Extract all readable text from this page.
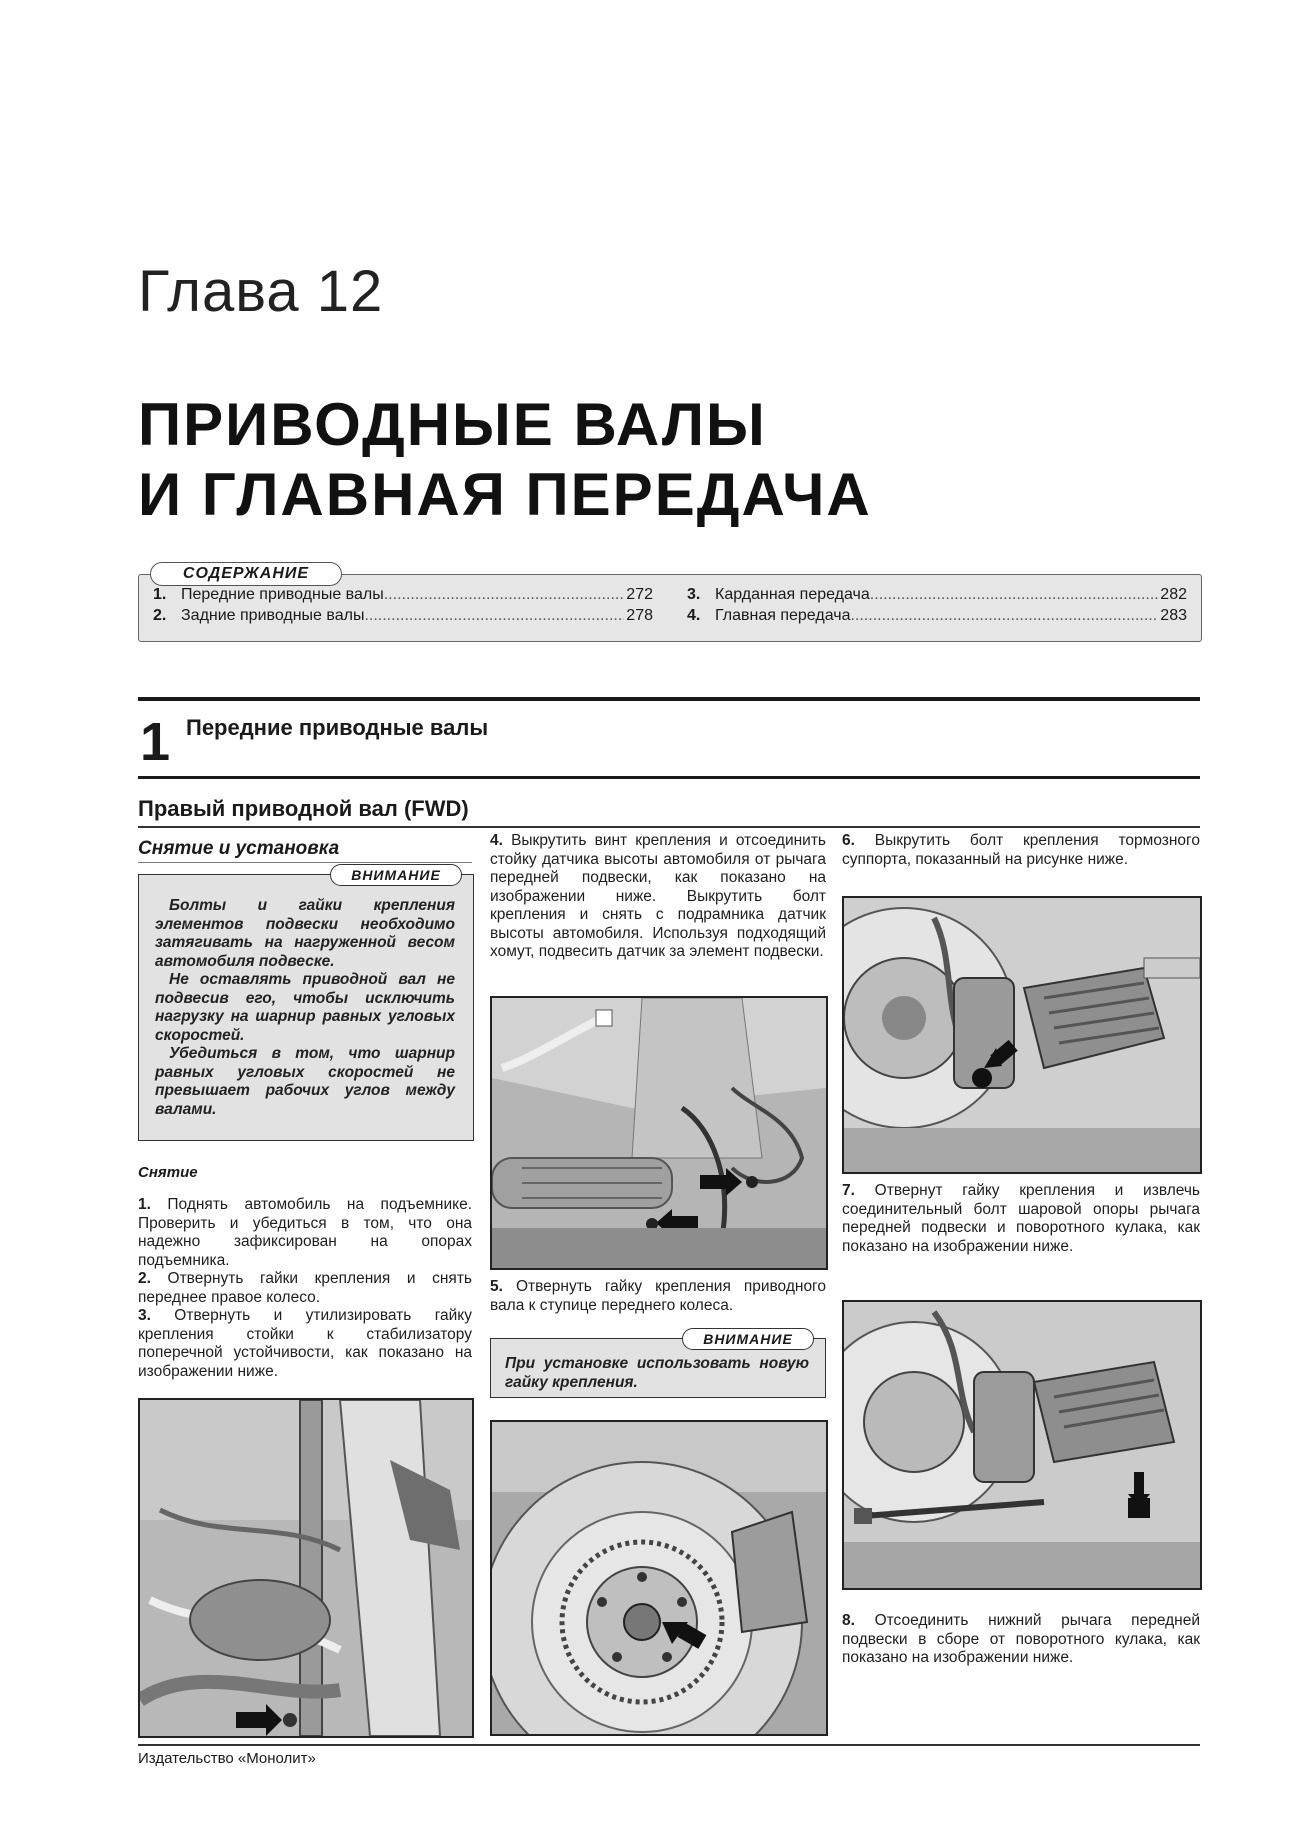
Глава 12
ПРИВОДНЫЕ ВАЛЫ
И ГЛАВНАЯ ПЕРЕДАЧА
1. Передние приводные валы .....	272
2. Задние приводные валы .....	278
3. Карданная передача .....	282
4. Главная передача .....	283
СОДЕРЖАНИЕ
1 Передние приводные валы
Правый приводной вал (FWD)
Снятие и установка
Болты и гайки крепления элементов подвески необходимо затягивать на нагруженной весом автомобиля подвеске.
Не оставлять приводной вал не подвесив его, чтобы исключить нагрузку на шарнир равных угловых скоростей.
Убедиться в том, что шарнир равных угловых скоростей не превышает рабочих углов между валами.
ВНИМАНИЕ
Снятие
1. Поднять автомобиль на подъемнике. Проверить и убедиться в том, что она надежно зафиксирован на опорах подъемника.
2. Отвернуть гайки крепления и снять переднее правое колесо.
3. Отвернуть и утилизировать гайку крепления стойки к стабилизатору поперечной устойчивости, как показано на изображении ниже.
4. Выкрутить винт крепления и отсоединить стойку датчика высоты автомобиля от рычага передней подвески, как показано на изображении ниже. Выкрутить болт крепления и снять с подрамника датчик высоты автомобиля. Используя подходящий хомут, подвесить датчик за элемент подвески.
5. Отвернуть гайку крепления приводного вала к ступице переднего колеса.
При установке использовать новую гайку крепления.
ВНИМАНИЕ
6. Выкрутить болт крепления тормозного суппорта, показанный на рисунке ниже.
7. Отвернут гайку крепления и извлечь соединительный болт шаровой опоры рычага передней подвески и поворотного кулака, как показано на изображении ниже.
8. Отсоединить нижний рычага передней подвески в сборе от поворотного кулака, как показано на изображении ниже.
Издательство «Монолит»
